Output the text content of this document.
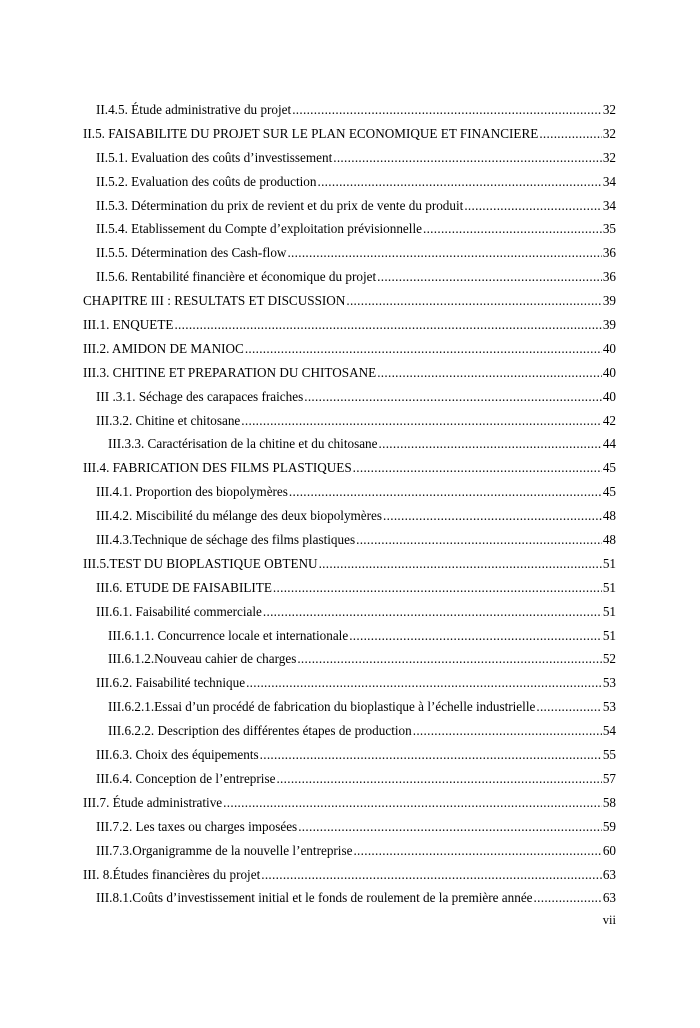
II.4.5. Étude administrative du projet .....	32
II.5. FAISABILITE DU PROJET SUR LE PLAN ECONOMIQUE ET FINANCIERE .....	32
II.5.1. Evaluation des coûts d’investissement .....	32
II.5.2. Evaluation des coûts de production .....	34
II.5.3. Détermination du prix de revient et du prix de vente du produit .....	34
II.5.4. Etablissement du Compte d’exploitation prévisionnelle .....	35
II.5.5. Détermination des Cash-flow .....	36
II.5.6. Rentabilité financière et économique du projet .....	36
CHAPITRE III : RESULTATS ET DISCUSSION .....	39
III.1. ENQUETE .....	39
III.2. AMIDON DE MANIOC .....	40
III.3. CHITINE ET PREPARATION DU CHITOSANE .....	40
III .3.1. Séchage des carapaces fraiches .....	40
III.3.2. Chitine et chitosane .....	42
III.3.3. Caractérisation de la chitine et du chitosane .....	44
III.4. FABRICATION DES FILMS PLASTIQUES .....	45
III.4.1. Proportion des biopolymères .....	45
III.4.2. Miscibilité du mélange des deux biopolymères .....	48
III.4.3.Technique de séchage des films plastiques .....	48
III.5.TEST DU BIOPLASTIQUE OBTENU .....	51
III.6. ETUDE DE FAISABILITE .....	51
III.6.1. Faisabilité commerciale .....	51
III.6.1.1. Concurrence locale et internationale .....	51
III.6.1.2.Nouveau cahier de charges .....	52
III.6.2. Faisabilité technique .....	53
III.6.2.1.Essai d’un procédé de fabrication du bioplastique à l’échelle industrielle .....	53
III.6.2.2. Description des différentes étapes de production .....	54
III.6.3. Choix des équipements .....	55
III.6.4. Conception de l’entreprise .....	57
III.7. Étude administrative .....	58
III.7.2. Les taxes ou charges imposées .....	59
III.7.3.Organigramme de la nouvelle l’entreprise .....	60
III. 8.Études financières du projet .....	63
III.8.1.Coûts d’investissement initial et le fonds de roulement de la première année .....	63
vii
